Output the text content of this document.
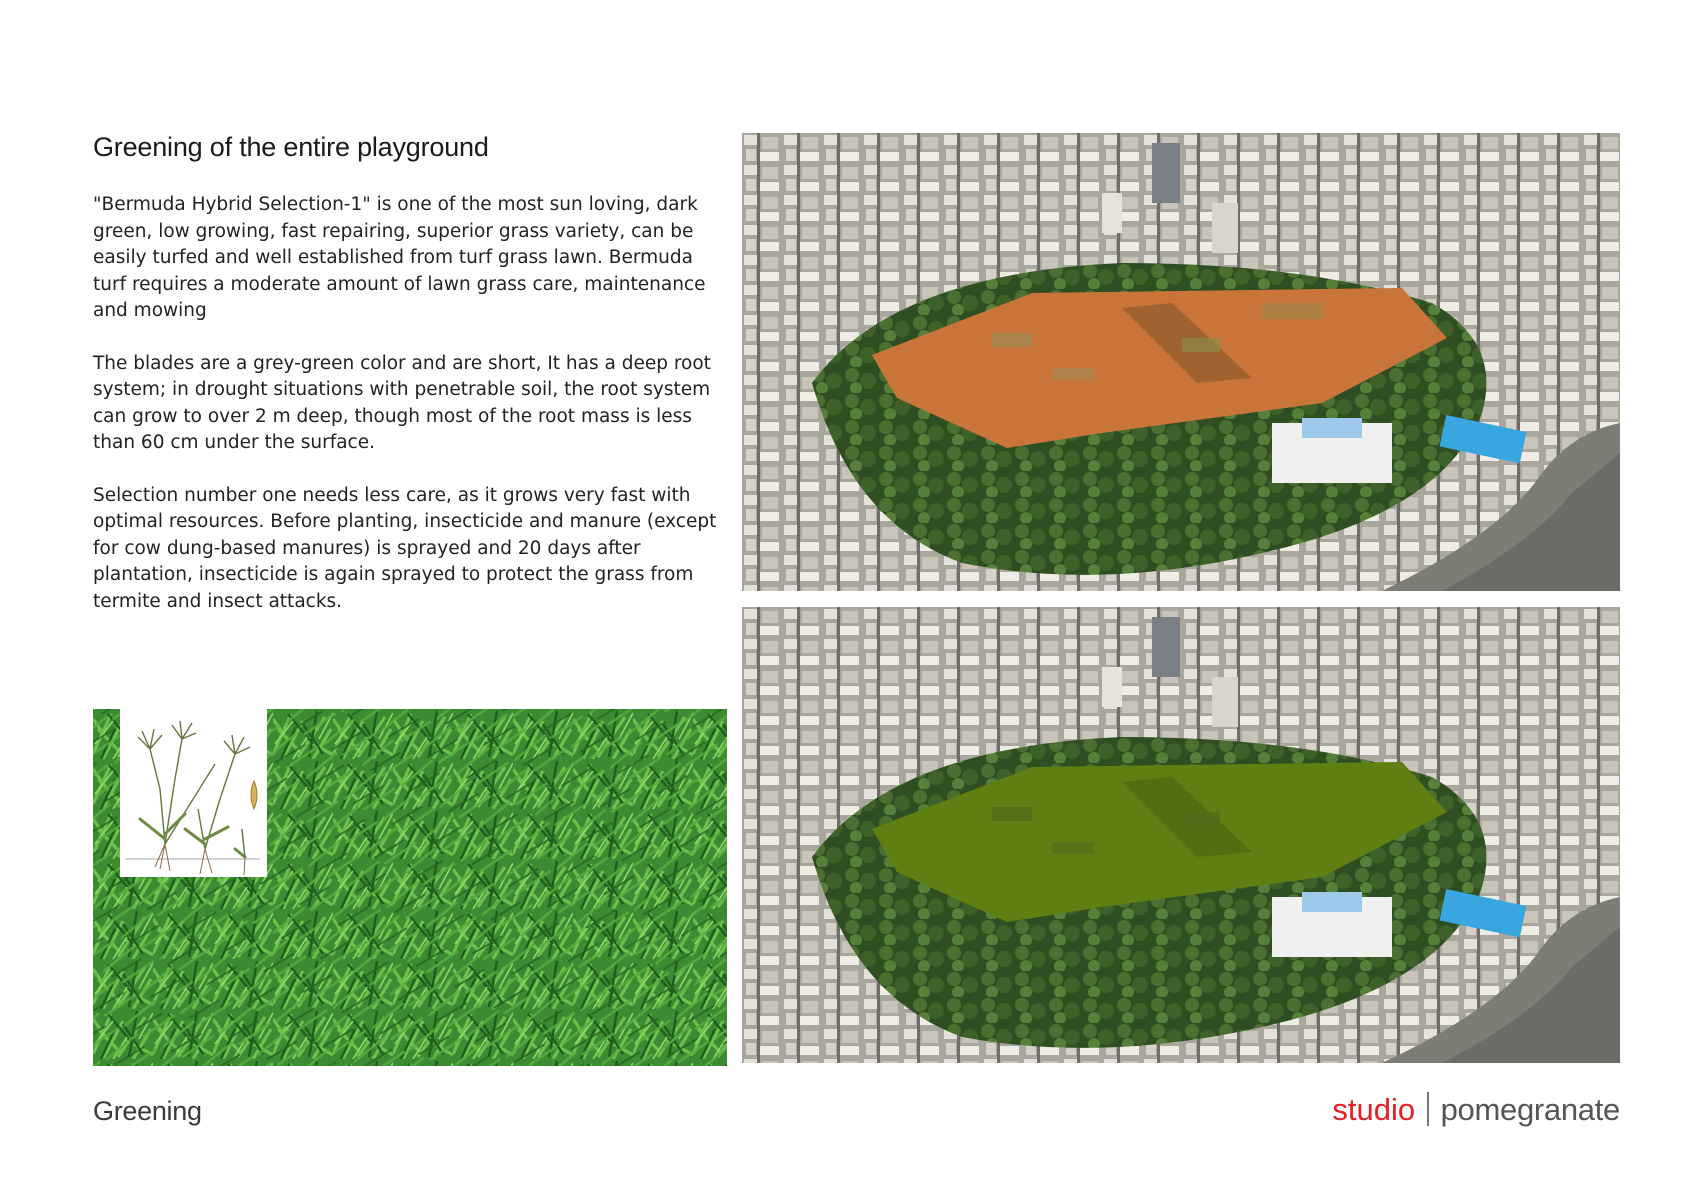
Greening of the entire playground

"Bermuda Hybrid Selection-1" is one of the most sun loving, dark green, low growing, fast repairing, superior grass variety, can be easily turfed and well established from turf grass lawn. Bermuda turf requires a moderate amount of lawn grass care, maintenance and mowing

The blades are a grey-green color and are short, It has a deep root system; in drought situations with penetrable soil, the root system can grow to over 2 m deep, though most of the root mass is less than 60 cm under the surface.

Selection number one needs less care, as it grows very fast with optimal resources. Before planting, insecticide and manure (except for cow dung-based manures) is sprayed and 20 days after plantation, insecticide is again sprayed to protect the grass from termite and insect attacks.

Greening	studio pomegranate
